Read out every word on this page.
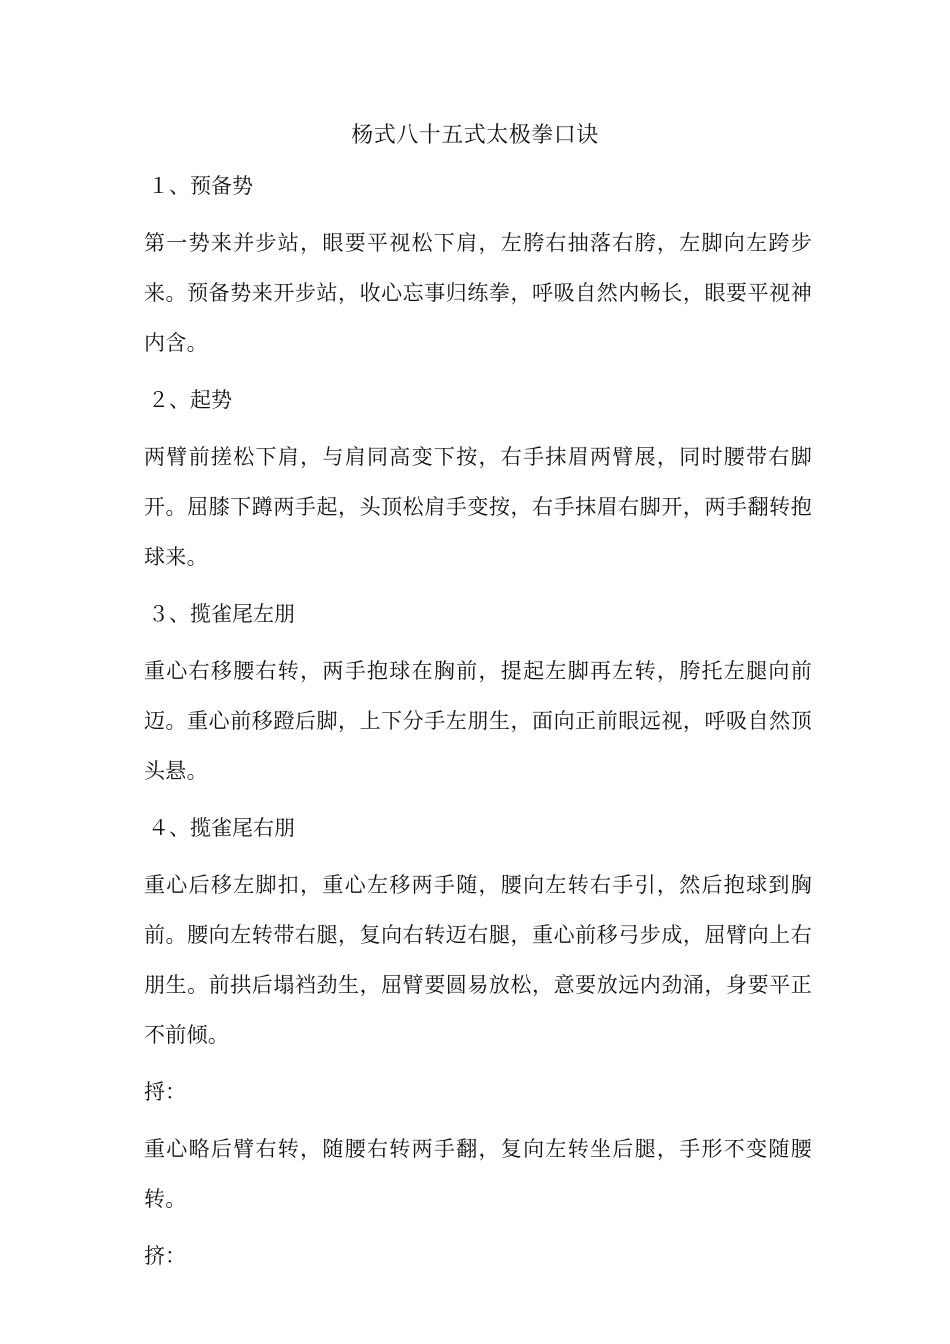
杨式八十五式太极拳口诀
１、预备势

第一势来并步站，眼要平视松下肩，左胯右抽落右胯，左脚向左跨步来。预备势来开步站，收心忘事归练拳，呼吸自然内畅长，眼要平视神内含。

２、起势

两臂前搓松下肩，与肩同高变下按，右手抹眉两臂展，同时腰带右脚开。屈膝下蹲两手起，头顶松肩手变按，右手抹眉右脚开，两手翻转抱球来。

３、揽雀尾左朋

重心右移腰右转，两手抱球在胸前，提起左脚再左转，胯托左腿向前迈。重心前移蹬后脚，上下分手左朋生，面向正前眼远视，呼吸自然顶头悬。

４、揽雀尾右朋

重心后移左脚扣，重心左移两手随，腰向左转右手引，然后抱球到胸前。腰向左转带右腿，复向右转迈右腿，重心前移弓步成，屈臂向上右朋生。前拱后塌裆劲生，屈臂要圆易放松，意要放远内劲涌，身要平正不前倾。

捋：

重心略后臂右转，随腰右转两手翻，复向左转坐后腿，手形不变随腰转。

挤：
